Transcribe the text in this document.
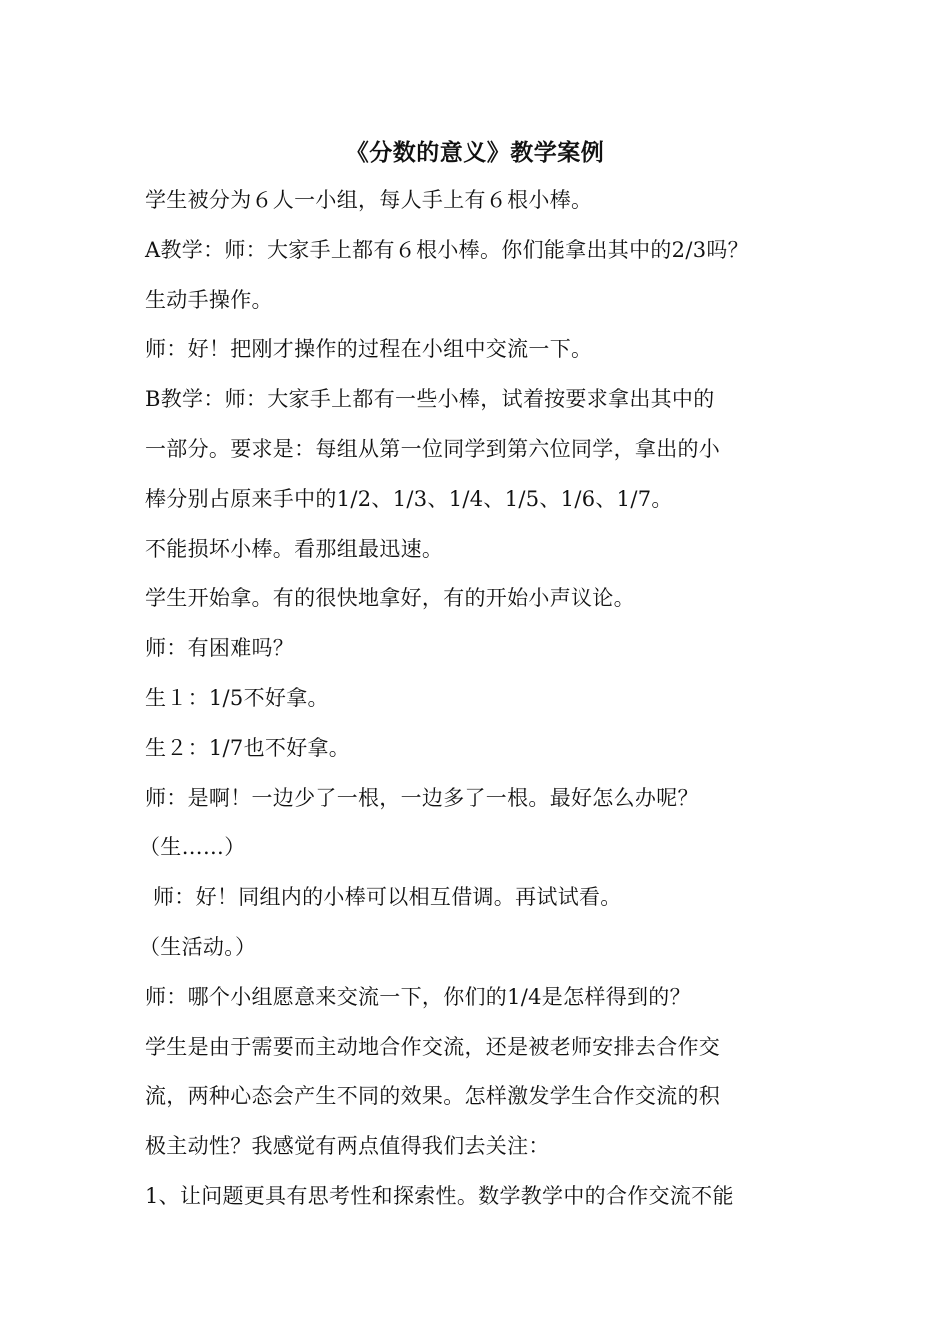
《分数的意义》教学案例
学生被分为６人一小组，每人手上有６根小棒。
A教学：师：大家手上都有６根小棒。你们能拿出其中的2/3吗？
生动手操作。
师：好！把刚才操作的过程在小组中交流一下。
B教学：师：大家手上都有一些小棒，试着按要求拿出其中的
一部分。要求是：每组从第一位同学到第六位同学，拿出的小
棒分别占原来手中的1/2、1/3、1/4、1/5、1/6、1/7。
不能损坏小棒。看那组最迅速。
学生开始拿。有的很快地拿好，有的开始小声议论。
师：有困难吗？
生１：1/5不好拿。
生２：1/7也不好拿。
师：是啊！一边少了一根，一边多了一根。最好怎么办呢？
（生……）
师：好！同组内的小棒可以相互借调。再试试看。
（生活动。）
师：哪个小组愿意来交流一下，你们的1/4是怎样得到的？
学生是由于需要而主动地合作交流，还是被老师安排去合作交
流，两种心态会产生不同的效果。怎样激发学生合作交流的积
极主动性？我感觉有两点值得我们去关注：
1、让问题更具有思考性和探索性。数学教学中的合作交流不能
